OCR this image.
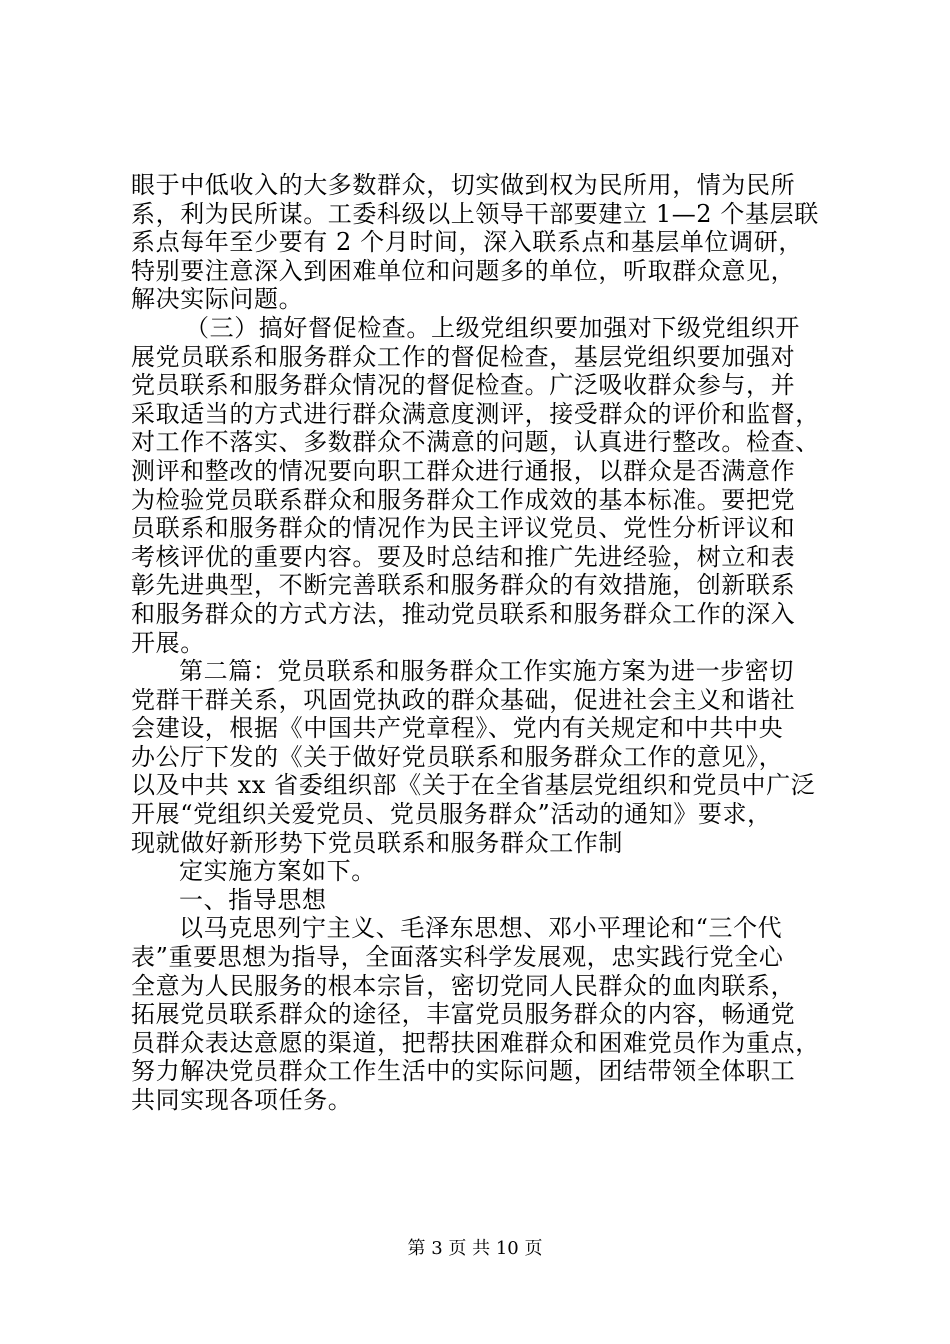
眼于中低收入的大多数群众，切实做到权为民所用，情为民所
系，利为民所谋。工委科级以上领导干部要建立 1—2 个基层联
系点每年至少要有 2 个月时间，深入联系点和基层单位调研，
特别要注意深入到困难单位和问题多的单位，听取群众意见，
解决实际问题。
（三）搞好督促检查。上级党组织要加强对下级党组织开
展党员联系和服务群众工作的督促检查，基层党组织要加强对
党员联系和服务群众情况的督促检查。广泛吸收群众参与，并
采取适当的方式进行群众满意度测评，接受群众的评价和监督，
对工作不落实、多数群众不满意的问题，认真进行整改。检查、
测评和整改的情况要向职工群众进行通报，以群众是否满意作
为检验党员联系群众和服务群众工作成效的基本标准。要把党
员联系和服务群众的情况作为民主评议党员、党性分析评议和
考核评优的重要内容。要及时总结和推广先进经验，树立和表
彰先进典型，不断完善联系和服务群众的有效措施，创新联系
和服务群众的方式方法，推动党员联系和服务群众工作的深入
开展。
第二篇：党员联系和服务群众工作实施方案为进一步密切
党群干群关系，巩固党执政的群众基础，促进社会主义和谐社
会建设，根据《中国共产党章程》、党内有关规定和中共中央
办公厅下发的《关于做好党员联系和服务群众工作的意见》，
以及中共 xx 省委组织部《关于在全省基层党组织和党员中广泛
开展“党组织关爱党员、党员服务群众”活动的通知》要求，
现就做好新形势下党员联系和服务群众工作制
定实施方案如下。
一、指导思想
以马克思列宁主义、毛泽东思想、邓小平理论和“三个代
表”重要思想为指导，全面落实科学发展观，忠实践行党全心
全意为人民服务的根本宗旨，密切党同人民群众的血肉联系，
拓展党员联系群众的途径，丰富党员服务群众的内容，畅通党
员群众表达意愿的渠道，把帮扶困难群众和困难党员作为重点，
努力解决党员群众工作生活中的实际问题，团结带领全体职工
共同实现各项任务。
第 3 页 共 10 页
